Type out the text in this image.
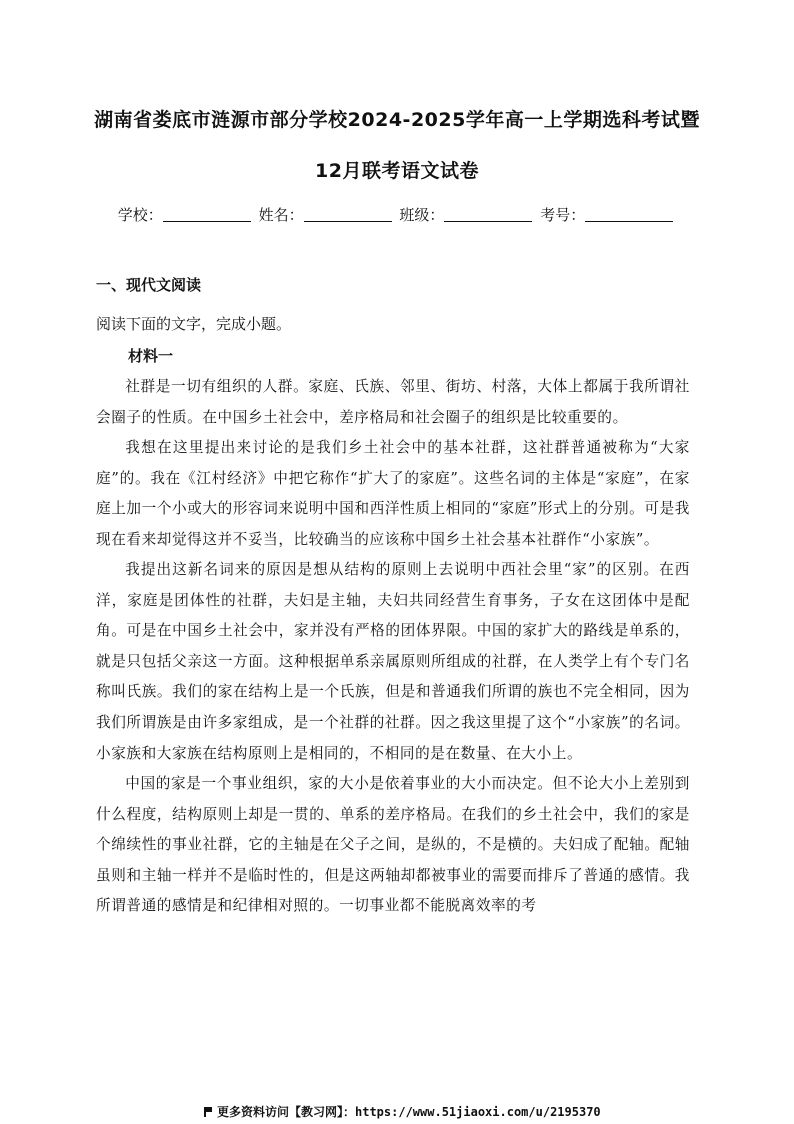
湖南省娄底市涟源市部分学校2024-2025学年高一上学期选科考试暨
12月联考语文试卷
学校：	姓名：	班级：	考号：
一、现代文阅读
阅读下面的文字，完成小题。
材料一

社群是一切有组织的人群。家庭、氏族、邻里、街坊、村落，大体上都属于我所谓社会圈子的性质。在中国乡土社会中，差序格局和社会圈子的组织是比较重要的。

我想在这里提出来讨论的是我们乡土社会中的基本社群，这社群普通被称为“大家庭”的。我在《江村经济》中把它称作“扩大了的家庭”。这些名词的主体是“家庭”，在家庭上加一个小或大的形容词来说明中国和西洋性质上相同的“家庭”形式上的分别。可是我现在看来却觉得这并不妥当，比较确当的应该称中国乡土社会基本社群作“小家族”。

我提出这新名词来的原因是想从结构的原则上去说明中西社会里“家”的区别。在西洋，家庭是团体性的社群，夫妇是主轴，夫妇共同经营生育事务，子女在这团体中是配角。可是在中国乡土社会中，家并没有严格的团体界限。中国的家扩大的路线是单系的，就是只包括父亲这一方面。这种根据单系亲属原则所组成的社群，在人类学上有个专门名称叫氏族。我们的家在结构上是一个氏族，但是和普通我们所谓的族也不完全相同，因为我们所谓族是由许多家组成，是一个社群的社群。因之我这里提了这个“小家族”的名词。小家族和大家族在结构原则上是相同的，不相同的是在数量、在大小上。

中国的家是一个事业组织，家的大小是依着事业的大小而决定。但不论大小上差别到什么程度，结构原则上却是一贯的、单系的差序格局。在我们的乡土社会中，我们的家是个绵续性的事业社群，它的主轴是在父子之间，是纵的，不是横的。夫妇成了配轴。配轴虽则和主轴一样并不是临时性的，但是这两轴却都被事业的需要而排斥了普通的感情。我所谓普通的感情是和纪律相对照的。一切事业都不能脱离效率的考

更多资料访问【教习网】：https://www.51jiaoxi.com/u/2195370
